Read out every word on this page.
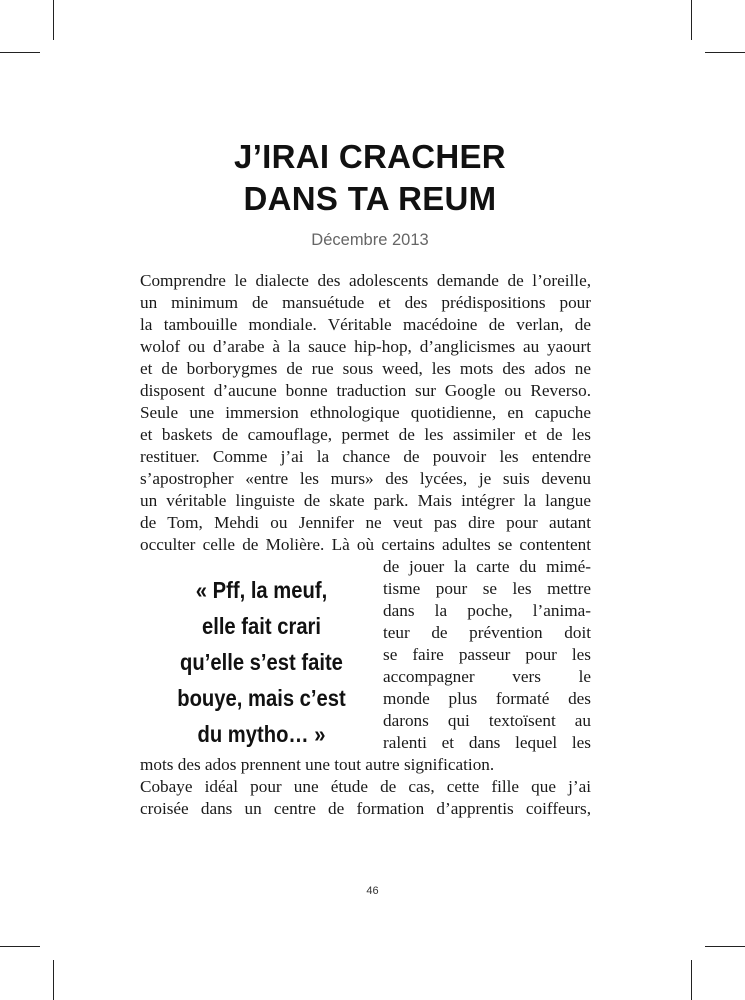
J’IRAI CRACHER
DANS TA REUM
Décembre 2013
Comprendre le dialecte des adolescents demande de l’oreille,
un minimum de mansuétude et des prédispositions pour
la tambouille mondiale. Véritable macédoine de verlan, de
wolof ou d’arabe à la sauce hip-hop, d’anglicismes au yaourt
et de borborygmes de rue sous weed, les mots des ados ne
disposent d’aucune bonne traduction sur Google ou Reverso.
Seule une immersion ethnologique quotidienne, en capuche
et baskets de camouflage, permet de les assimiler et de les
restituer. Comme j’ai la chance de pouvoir les entendre
s’apostropher «entre les murs» des lycées, je suis devenu
un véritable linguiste de skate park. Mais intégrer la langue
de Tom, Mehdi ou Jennifer ne veut pas dire pour autant
occulter celle de Molière. Là où certains adultes se contentent
de jouer la carte du mimé-
tisme pour se les mettre
dans la poche, l’anima-
teur de prévention doit
se faire passeur pour les
accompagner vers le
monde plus formaté des
darons qui textoïsent au
ralenti et dans lequel les
mots des ados prennent une tout autre signification.
Cobaye idéal pour une étude de cas, cette fille que j’ai
croisée dans un centre de formation d’apprentis coiffeurs,
« Pff, la meuf,
elle fait crari
qu’elle s’est faite
bouye, mais c’est
du mytho… »
46
